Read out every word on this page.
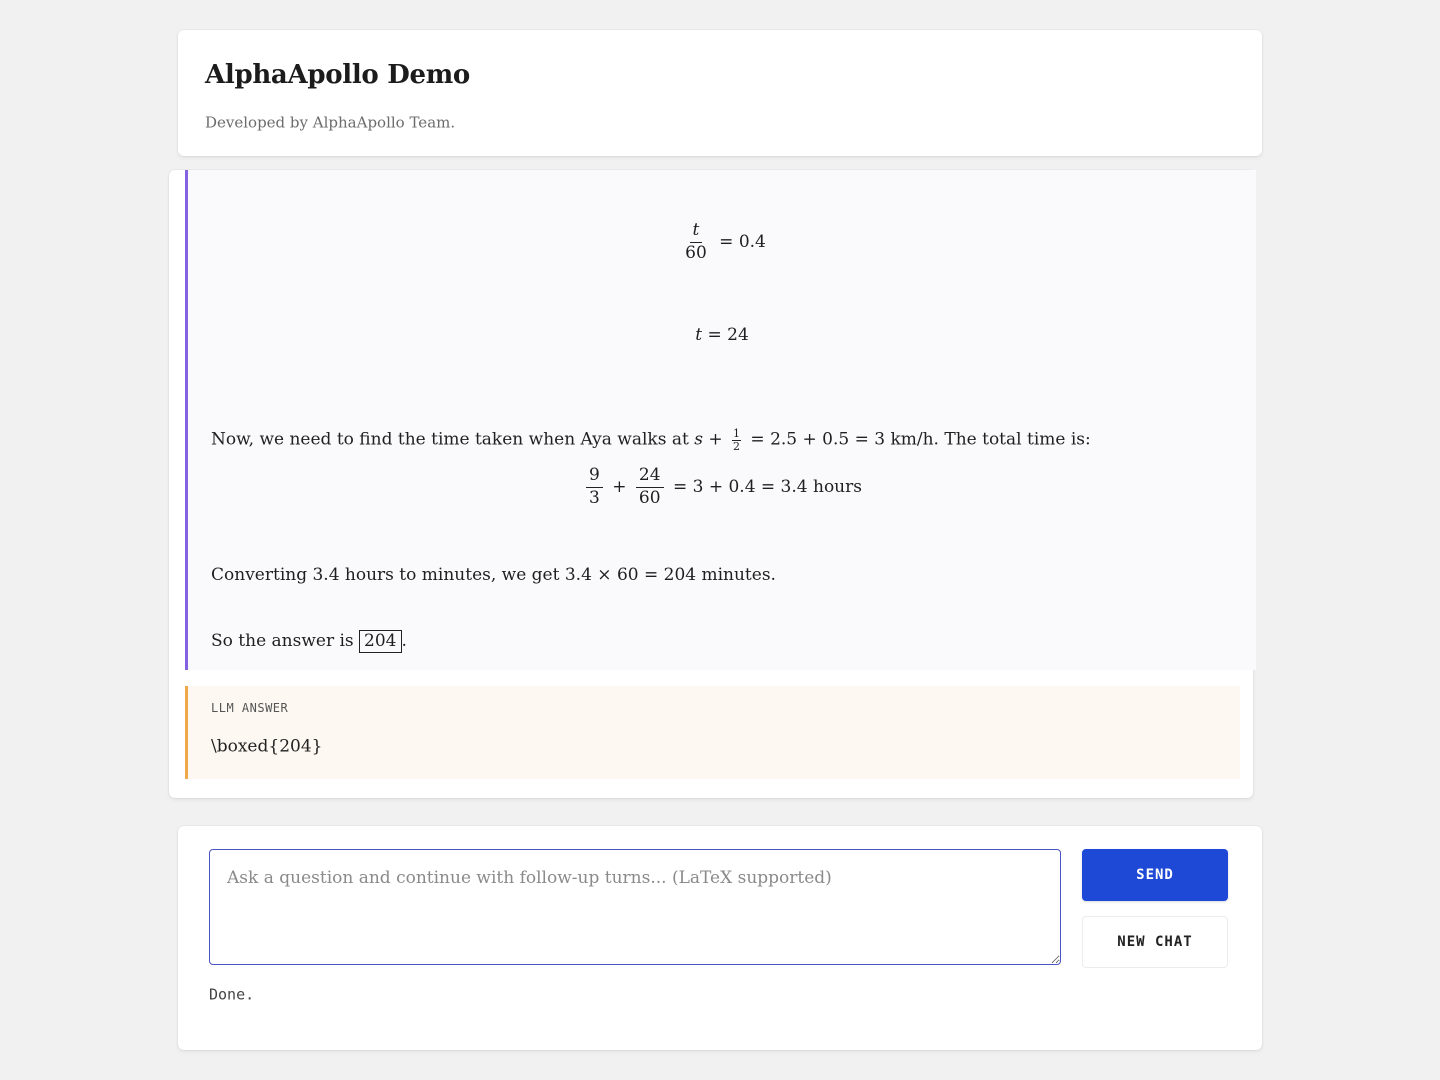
AlphaApollo Demo

Developed by AlphaApollo Team.

$\frac{t}{60} = 0.4$
t = 24
Now, we need to find the time taken when Aya walks at $s + \frac{1}{2} = 2.5 + 0.5 = 3$ km/h. The total time is:
$\frac{9}{3} + \frac{24}{60} = 3 + 0.4 = 3.4$ hours
Converting 3.4 hours to minutes, we get 3.4 × 60 = 204 minutes.
So the answer is 204 .
LLM ANSWER
\boxed{204}
Ask a question and continue with follow-up turns... (LaTeX supported)
SEND
NEW CHAT
Done.
